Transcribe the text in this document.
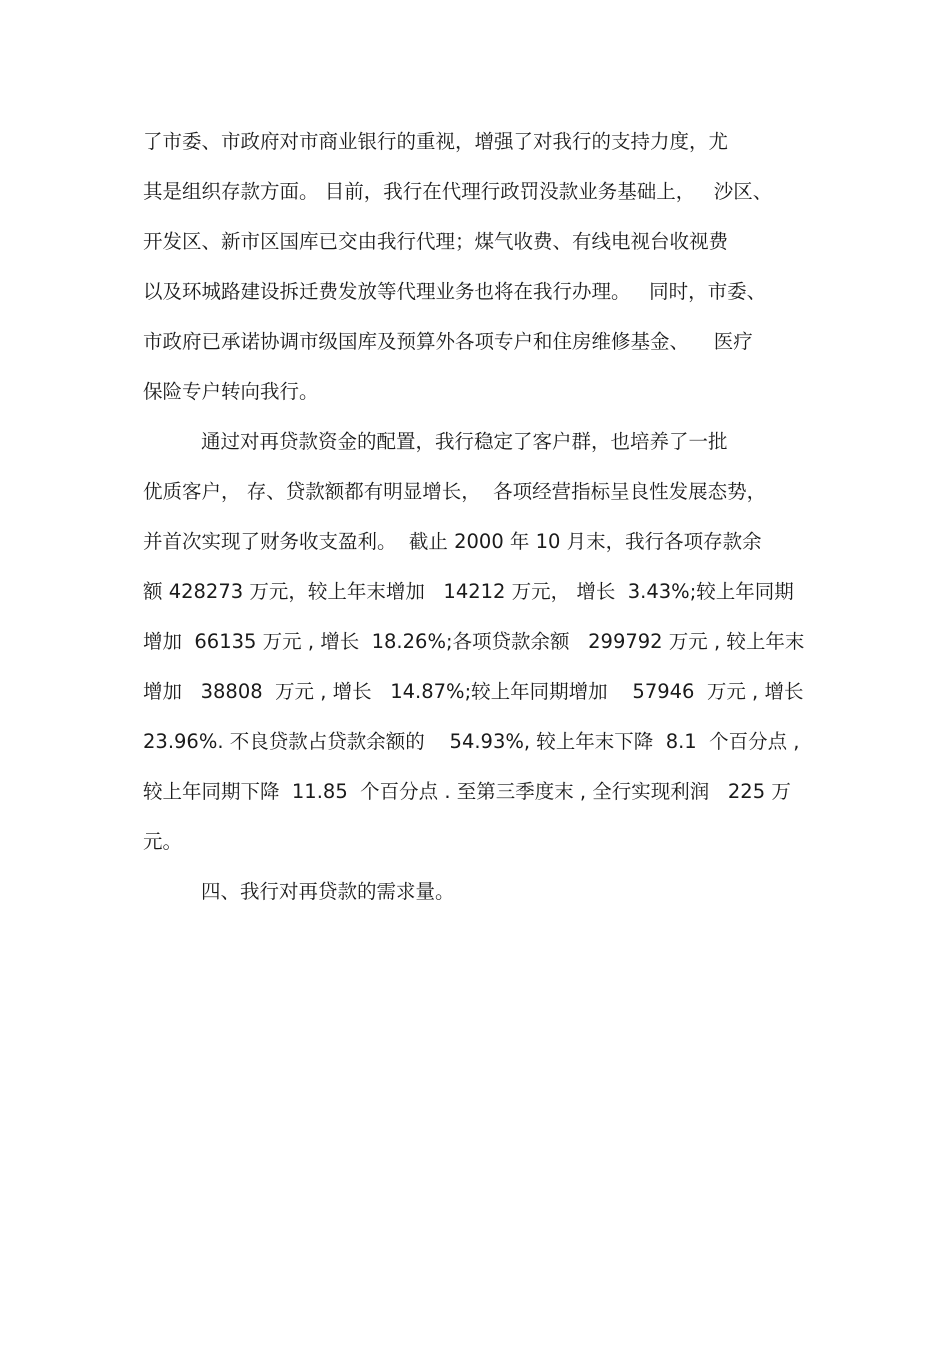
了市委、市政府对市商业银行的重视，增强了对我行的支持力度，尤
其是组织存款方面。 目前，我行在代理行政罚没款业务基础上，   沙区、
开发区、新市区国库已交由我行代理；煤气收费、有线电视台收视费
以及环城路建设拆迁费发放等代理业务也将在我行办理。   同时，市委、
市政府已承诺协调市级国库及预算外各项专户和住房维修基金、    医疗
保险专户转向我行。
通过对再贷款资金的配置，我行稳定了客户群，也培养了一批
优质客户， 存、贷款额都有明显增长，  各项经营指标呈良性发展态势，
并首次实现了财务收支盈利。  截止 2000 年 10 月末，我行各项存款余
额 428273 万元，较上年末增加   14212 万元， 增长  3.43%;较上年同期
增加  66135 万元 , 增长  18.26%;各项贷款余额   299792 万元 , 较上年末
增加   38808  万元 , 增长   14.87%;较上年同期增加    57946  万元 , 增长
23.96%. 不良贷款占贷款余额的    54.93%, 较上年末下降  8.1  个百分点 ,
较上年同期下降  11.85  个百分点 . 至第三季度末 , 全行实现利润   225 万
元。
四、我行对再贷款的需求量。
